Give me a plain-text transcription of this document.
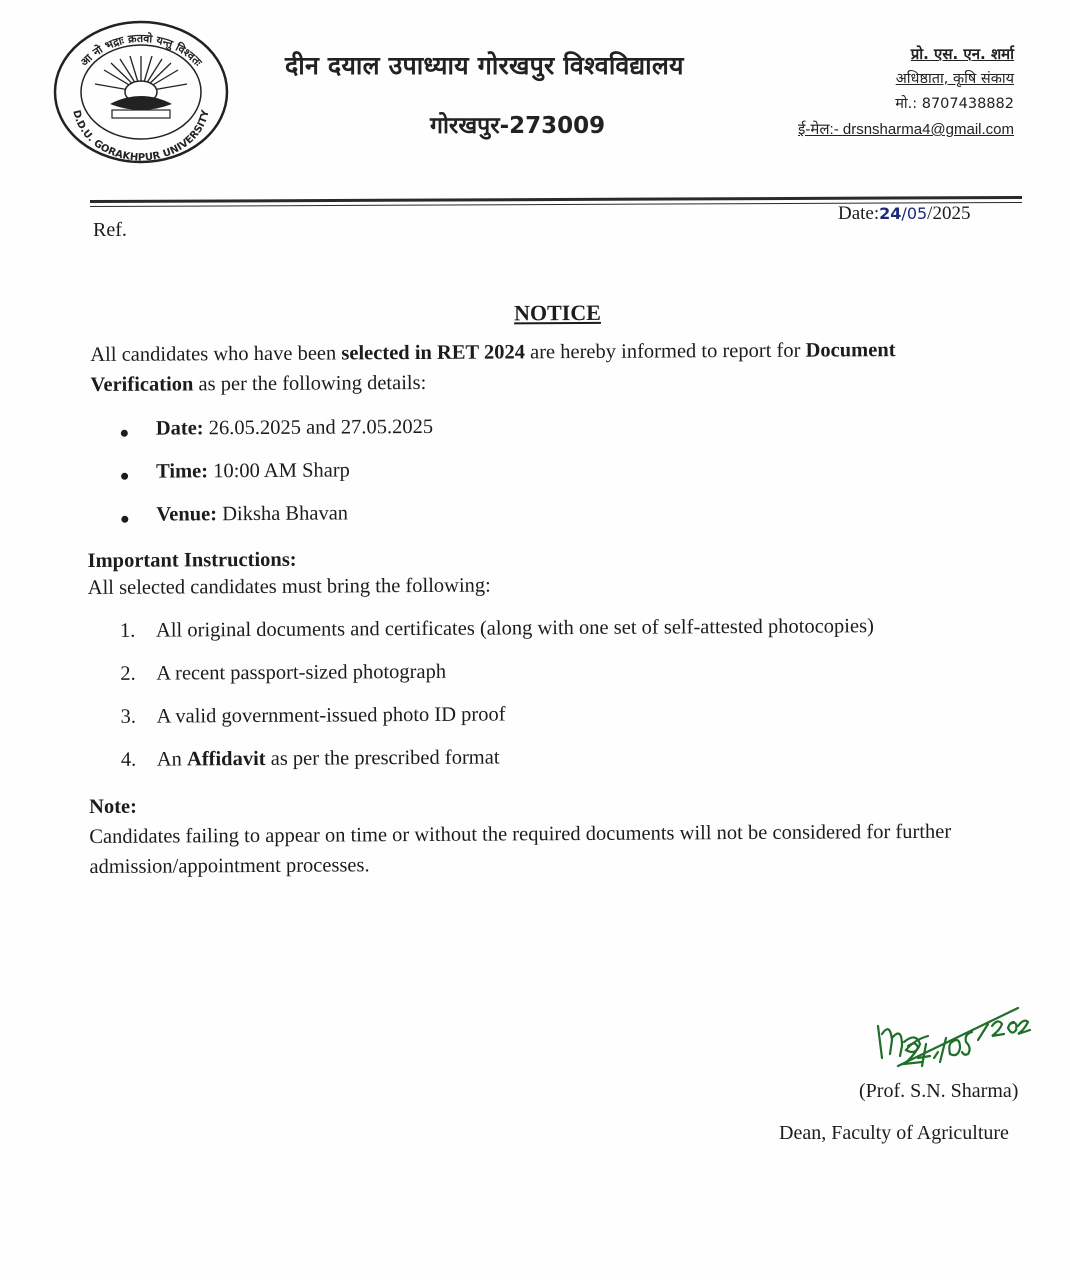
आ नो भद्राः क्रतवो यन्तु विश्वतः
D.D.U. GORAKHPUR UNIVERSITY
दीन दयाल उपाध्याय गोरखपुर विश्वविद्यालय
गोरखपुर-273009
प्रो. एस. एन. शर्मा
अधिष्ठाता, कृषि संकाय
मो.: 8707438882
ई-मेल:- drsnsharma4@gmail.com
Ref.
Date:24/05/2025
NOTICE
All candidates who have been selected in RET 2024 are hereby informed to report for Document Verification as per the following details:
Date: 26.05.2025 and 27.05.2025
Time: 10:00 AM Sharp
Venue: Diksha Bhavan
Important Instructions:
All selected candidates must bring the following:
1. All original documents and certificates (along with one set of self-attested photocopies)
2. A recent passport-sized photograph
3. A valid government-issued photo ID proof
4. An Affidavit as per the prescribed format
Note:
Candidates failing to appear on time or without the required documents will not be considered for further admission/appointment processes.
(Prof. S.N. Sharma)
Dean, Faculty of Agriculture
